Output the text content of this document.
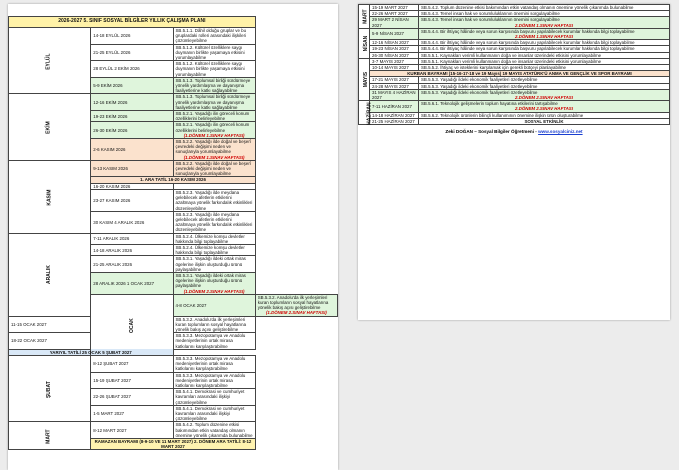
2026-2027 5. SINIF SOSYAL BİLGİLER YILLIK ÇALIŞMA PLANI			
EYLÜL	14-18 EYLÜL 2026	SB.5.1.1. Dâhil olduğu gruplar ve bu gruplardaki rolleri arasındaki ilişkileri çözümleyebilme	
	21-25 EYLÜL 2026	SB.5.1.2. Kültürel özelliklere saygı duymanın birlikte yaşamaya etkisini yorumlayabilme	
	28 EYLÜL 2 EKİM 2026	SB.5.1.2. Kültürel özelliklere saygı duymanın birlikte yaşamaya etkisini yorumlayabilme	
	5-9 EKİM 2026	SB.5.1.3. Toplumsal birliği sürdürmeye yönelik yardımlaşma ve dayanışma faaliyetlerine katkı sağlayabilme	
EKİM	12-16 EKİM 2026	SB.5.1.3. Toplumsal birliği sürdürmeye yönelik yardımlaşma ve dayanışma faaliyetlerine katkı sağlayabilme	
	19-23 EKİM 2026	SB.5.2.1. Yaşadığı ilin göreceli konum özelliklerini belirleyebilme	
	26-30 EKİM 2026	SB.5.2.1. Yaşadığı ilin göreceli konum özelliklerini belirleyebilme
(1.DÖNEM 1.SINAV HAFTASI)	

	2-6 KASIM 2026	SB.5.2.2. Yaşadığı ilde doğal ve beşerî çevredeki değişimi neden ve sonuçlarıyla yorumlayabilme
(1.DÖNEM 1.SINAV HAFTASI)	

KASIM	9-13 KASIM 2026	SB.5.2.2. Yaşadığı ilde doğal ve beşerî çevredeki değişimi neden ve sonuçlarıyla yorumlayabilme	
	1. ARA TATİL 16-20 KASIM 2026		
	16-20 KASIM 2026		
	23-27 KASIM 2026	SB.5.2.3. Yaşadığı ilde meydana gelebilecek afetlerin etkilerini azaltmaya yönelik farkındalık etkinlikleri düzenleyebilme	
	30 KASIM 4 ARALIK 2026	SB.5.2.3. Yaşadığı ilde meydana gelebilecek afetlerin etkilerini azaltmaya yönelik farkındalık etkinlikleri düzenleyebilme	
ARALIK	7-11 ARALIK 2026	SB.5.2.4. Ülkemize komşu devletler hakkında bilgi toplayabilme	
	14-18 ARALIK 2026	SB.5.2.4. Ülkemize komşu devletler hakkında bilgi toplayabilme	
	21-25 ARALIK 2026	SB.5.3.1. Yaşadığı ildeki ortak miras ögelerine ilişkin oluşturduğu ürünü paylaşabilme	
	28 ARALIK 2026 1 OCAK 2027	SB.5.3.1. Yaşadığı ildeki ortak miras ögelerine ilişkin oluşturduğu ürünü paylaşabilme
(1.DÖNEM 2.SINAV HAFTASI)	

	OCAK	4-8 OCAK 2027	SB.5.3.2. Anadolu'da ilk yerleşimleri kuran toplumların sosyal hayatlarına yönelik bakış açısı geliştirebilme
(1.DÖNEM 2.SINAV HAFTASI)

11-15 OCAK 2027		SB.5.3.2. Anadolu'da ilk yerleşimleri kuran toplumların sosyal hayatlarına yönelik bakış açısı geliştirebilme	
18-22 OCAK 2027		SB.5.3.3. Mezopotamya ve Anadolu medeniyetlerinin ortak mirasa katkılarını karşılaştırabilme	
YARIYIL TATİLİ 25 OCAK 5 ŞUBAT 2027			
ŞUBAT	8-12 ŞUBAT 2027	SB.5.3.3. Mezopotamya ve Anadolu medeniyetlerinin ortak mirasa katkılarını karşılaştırabilme	
	15-19 ŞUBAT 2027	SB.5.3.3. Mezopotamya ve Anadolu medeniyetlerinin ortak mirasa katkılarını karşılaştırabilme	
	22-26 ŞUBAT 2027	SB.5.4.1. Demokrasi ve cumhuriyet kavramları arasındaki ilişkiyi çözümleyebilme	
	1-5 MART 2027	SB.5.4.1. Demokrasi ve cumhuriyet kavramları arasındaki ilişkiyi çözümleyebilme	
MART	8-12 MART 2027	SB.5.4.2. Toplum düzenine etkisi bakımından etkin vatandaş olmanın önemine yönelik çıkarımda bulunabilme	
	RAMAZAN BAYRAMI (8-9-10 VE 11 MART 2027) 2. DÖNEM ARA TATİLİ: 8-12 MART 2027		
MART	15-19 MART 2027	SB.5.4.2. Toplum düzenine etkisi bakımından etkin vatandaş olmanın önemine yönelik çıkarımda bulunabilme
	22-26 MART 2027	SB.5.4.3. Temel insan hak ve sorumluluklarının önemini sorgulayabilme
	29 MART 2 NİSAN 2027	SB.5.4.3. Temel insan hak ve sorumluluklarının önemini sorgulayabilme
2.DÖNEM 1.SINAV HAFTASI

NİSAN	5-9 NİSAN 2027	SB.5.4.4. Bir ihtiyaç hâlinde veya sorun karşısında başvuru yapılabilecek kurumlar hakkında bilgi toplayabilme
2.DÖNEM 1.SINAV HAFTASI

	12-16 NİSAN 2027	SB.5.4.4. Bir ihtiyaç hâlinde veya sorun karşısında başvuru yapılabilecek kurumlar hakkında bilgi toplayabilme
	19-23 NİSAN 2027	SB.5.4.4. Bir ihtiyaç hâlinde veya sorun karşısında başvuru yapılabilecek kurumlar hakkında bilgi toplayabilme
	26-30 NİSAN 2027	SB.5.5.1. Kaynakları verimli kullanmanın doğa ve insanlar üzerindeki etkisini yorumlayabilme
MAYIS	3-7 MAYIS 2027	SB.5.5.1. Kaynakları verimli kullanmanın doğa ve insanlar üzerindeki etkisini yorumlayabilme
	10-14 MAYIS 2027	SB.5.5.2. İhtiyaç ve isteklerini karşılamak için gerekli bütçeyi planlayabilme
	KURBAN BAYRAMI (15-16-17-18 ve 19 Mayıs) 19 MAYIS ATATÜRK'Ü ANMA VE GENÇLİK VE SPOR BAYRAMI	
	17-21 MAYIS 2027	SB.5.5.3. Yaşadığı ildeki ekonomik faaliyetleri özetleyebilme
	24-28 MAYIS 2027	SB.5.5.3. Yaşadığı ildeki ekonomik faaliyetleri özetleyebilme
	31 MAYIS 4 HAZİRAN 2027	SB.5.5.3. Yaşadığı ildeki ekonomik faaliyetleri özetleyebilme
2.DÖNEM 2.SINAV HAFTASI

HAZİRAN	7-11 HAZİRAN 2027	SB.5.6.1. Teknolojik gelişmelerin toplum hayatına etkilerini tartışabilme
2.DÖNEM 2.SINAV HAFTASI

	14-18 HAZİRAN 2027	SB.5.6.2. Teknolojik ürünlerin bilinçli kullanımının önemine ilişkin ürün oluşturabilme
	21-25 HAZİRAN 2027	SOSYAL ETKİNLİK
Zeki DOĞAN – Sosyal Bilgiler Öğretmeni - www.sosyalciniz.net
